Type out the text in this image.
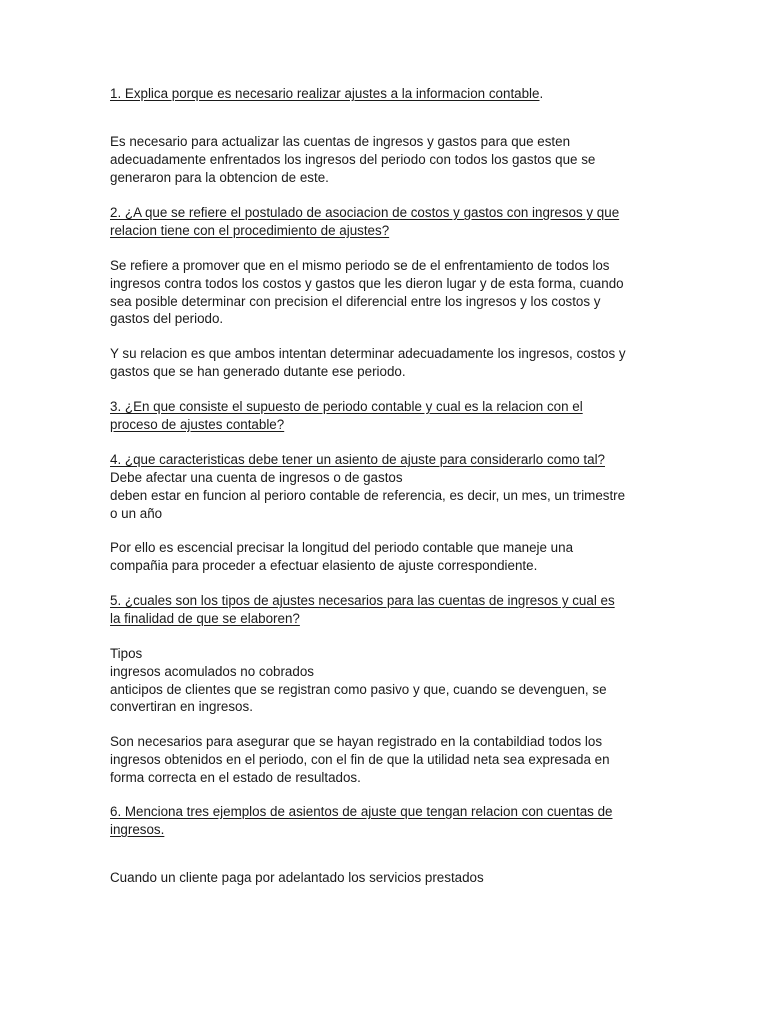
1. Explica porque es necesario realizar ajustes a la informacion contable.
Es necesario para actualizar las cuentas de ingresos y gastos para que esten
adecuadamente enfrentados los ingresos del periodo con todos los gastos que se
generaron para la obtencion de este.
2. ¿A que se refiere el postulado de asociacion de costos y gastos con ingresos y que
relacion tiene con el procedimiento de ajustes?
Se refiere a promover que en el mismo periodo se de el enfrentamiento de todos los
ingresos contra todos los costos y gastos que les dieron lugar y de esta forma, cuando
sea posible determinar con precision el diferencial entre los ingresos y los costos y
gastos del periodo.
Y su relacion es que ambos intentan determinar adecuadamente los ingresos, costos y
gastos que se han generado dutante ese periodo.
3. ¿En que consiste el supuesto de periodo contable y cual es la relacion con el
proceso de ajustes contable?
4. ¿que caracteristicas debe tener un asiento de ajuste para considerarlo como tal?
Debe afectar una cuenta de ingresos o de gastos
deben estar en funcion al perioro contable de referencia, es decir, un mes, un trimestre
o un año
Por ello es escencial precisar la longitud del periodo contable que maneje una
compañia para proceder a efectuar elasiento de ajuste correspondiente.
5. ¿cuales son los tipos de ajustes necesarios para las cuentas de ingresos y cual es
la finalidad de que se elaboren?
Tipos
ingresos acomulados no cobrados
anticipos de clientes que se registran como pasivo y que, cuando se devenguen, se
convertiran en ingresos.
Son necesarios para asegurar que se hayan registrado en la contabildiad todos los
ingresos obtenidos en el periodo, con el fin de que la utilidad neta sea expresada en
forma correcta en el estado de resultados.
6. Menciona tres ejemplos de asientos de ajuste que tengan relacion con cuentas de
ingresos.
Cuando un cliente paga por adelantado los servicios prestados
